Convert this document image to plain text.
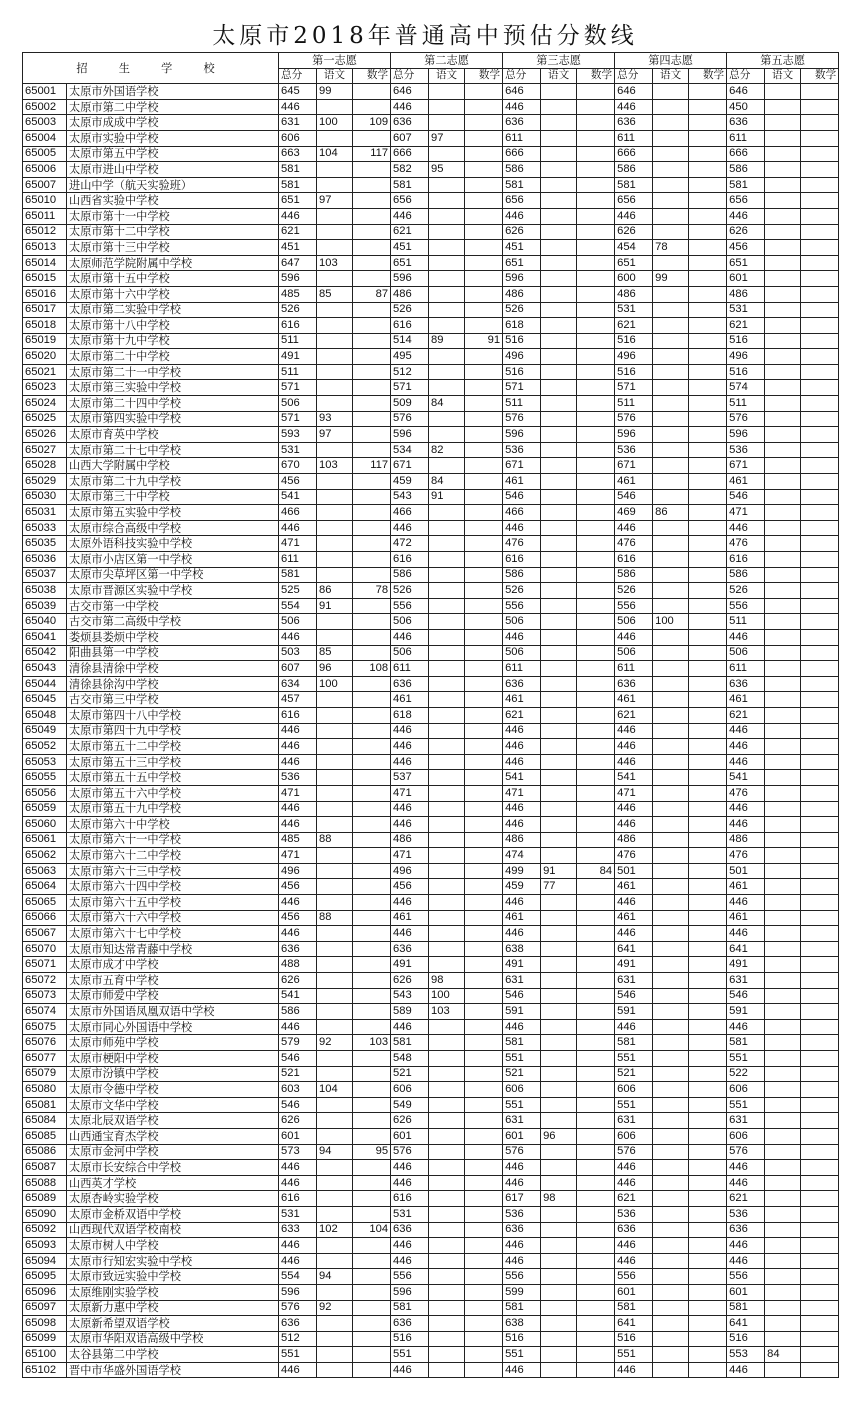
太原市2018年普通高中预估分数线
招　生　学　校		第一志愿			第二志愿			第三志愿			第四志愿			第五志愿		
		总分	语文	数学	总分	语文	数学	总分	语文	数学	总分	语文	数学	总分	语文	数学
65001	太原市外国语学校	645	99		646			646			646			646		
65002	太原市第二中学校	446			446			446			446			450		
65003	太原市成成中学校	631	100	109	636			636			636			636		
65004	太原市实验中学校	606			607	97		611			611			611		
65005	太原市第五中学校	663	104	117	666			666			666			666		
65006	太原市进山中学校	581			582	95		586			586			586		
65007	进山中学（航天实验班）	581			581			581			581			581		
65010	山西省实验中学校	651	97		656			656			656			656		
65011	太原市第十一中学校	446			446			446			446			446		
65012	太原市第十二中学校	621			621			626			626			626		
65013	太原市第十三中学校	451			451			451			454	78		456		
65014	太原师范学院附属中学校	647	103		651			651			651			651		
65015	太原市第十五中学校	596			596			596			600	99		601		
65016	太原市第十六中学校	485	85	87	486			486			486			486		
65017	太原市第二实验中学校	526			526			526			531			531		
65018	太原市第十八中学校	616			616			618			621			621		
65019	太原市第十九中学校	511			514	89	91	516			516			516		
65020	太原市第二十中学校	491			495			496			496			496		
65021	太原市第二十一中学校	511			512			516			516			516		
65023	太原市第三实验中学校	571			571			571			571			574		
65024	太原市第二十四中学校	506			509	84		511			511			511		
65025	太原市第四实验中学校	571	93		576			576			576			576		
65026	太原市育英中学校	593	97		596			596			596			596		
65027	太原市第二十七中学校	531			534	82		536			536			536		
65028	山西大学附属中学校	670	103	117	671			671			671			671		
65029	太原市第二十九中学校	456			459	84		461			461			461		
65030	太原市第三十中学校	541			543	91		546			546			546		
65031	太原市第五实验中学校	466			466			466			469	86		471		
65033	太原市综合高级中学校	446			446			446			446			446		
65035	太原外语科技实验中学校	471			472			476			476			476		
65036	太原市小店区第一中学校	611			616			616			616			616		
65037	太原市尖草坪区第一中学校	581			586			586			586			586		
65038	太原市晋源区实验中学校	525	86	78	526			526			526			526		
65039	古交市第一中学校	554	91		556			556			556			556		
65040	古交市第二高级中学校	506			506			506			506	100		511		
65041	娄烦县娄烦中学校	446			446			446			446			446		
65042	阳曲县第一中学校	503	85		506			506			506			506		
65043	清徐县清徐中学校	607	96	108	611			611			611			611		
65044	清徐县徐沟中学校	634	100		636			636			636			636		
65045	古交市第三中学校	457			461			461			461			461		
65048	太原市第四十八中学校	616			618			621			621			621		
65049	太原市第四十九中学校	446			446			446			446			446		
65052	太原市第五十二中学校	446			446			446			446			446		
65053	太原市第五十三中学校	446			446			446			446			446		
65055	太原市第五十五中学校	536			537			541			541			541		
65056	太原市第五十六中学校	471			471			471			471			476		
65059	太原市第五十九中学校	446			446			446			446			446		
65060	太原市第六十中学校	446			446			446			446			446		
65061	太原市第六十一中学校	485	88		486			486			486			486		
65062	太原市第六十二中学校	471			471			474			476			476		
65063	太原市第六十三中学校	496			496			499	91	84	501			501		
65064	太原市第六十四中学校	456			456			459	77		461			461		
65065	太原市第六十五中学校	446			446			446			446			446		
65066	太原市第六十六中学校	456	88		461			461			461			461		
65067	太原市第六十七中学校	446			446			446			446			446		
65070	太原市知达常青藤中学校	636			636			638			641			641		
65071	太原市成才中学校	488			491			491			491			491		
65072	太原市五育中学校	626			626	98		631			631			631		
65073	太原市师爱中学校	541			543	100		546			546			546		
65074	太原市外国语凤凰双语中学校	586			589	103		591			591			591		
65075	太原市同心外国语中学校	446			446			446			446			446		
65076	太原市师苑中学校	579	92	103	581			581			581			581		
65077	太原市梗阳中学校	546			548			551			551			551		
65079	太原市汾镇中学校	521			521			521			521			522		
65080	太原市令德中学校	603	104		606			606			606			606		
65081	太原市文华中学校	546			549			551			551			551		
65084	太原北辰双语学校	626			626			631			631			631		
65085	山西通宝育杰学校	601			601			601	96		606			606		
65086	太原市金河中学校	573	94	95	576			576			576			576		
65087	太原市长安综合中学校	446			446			446			446			446		
65088	山西英才学校	446			446			446			446			446		
65089	太原杏岭实验学校	616			616			617	98		621			621		
65090	太原市金桥双语中学校	531			531			536			536			536		
65092	山西现代双语学校南校	633	102	104	636			636			636			636		
65093	太原市树人中学校	446			446			446			446			446		
65094	太原市行知宏实验中学校	446			446			446			446			446		
65095	太原市致远实验中学校	554	94		556			556			556			556		
65096	太原维刚实验学校	596			596			599			601			601		
65097	太原新力惠中学校	576	92		581			581			581			581		
65098	太原新希望双语学校	636			636			638			641			641		
65099	太原市华阳双语高级中学校	512			516			516			516			516		
65100	太谷县第二中学校	551			551			551			551			553	84	
65102	晋中市华盛外国语学校	446			446			446			446			446		
